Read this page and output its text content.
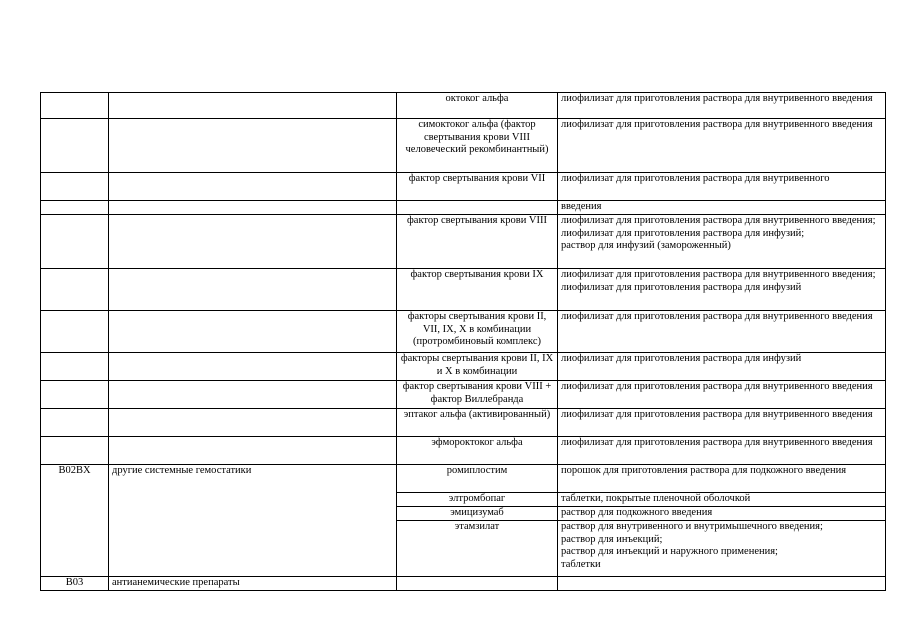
		октоког альфа	лиофилизат для приготовления раствора для внутривенного введения

		симоктоког альфа (фактор свертывания крови VIII человеческий рекомбинантный)	лиофилизат для приготовления раствора для внутривенного введения

		фактор свертывания крови VII	лиофилизат для приготовления раствора для внутривенного

			введения

		фактор свертывания крови VIII	лиофилизат для приготовления раствора для внутривенного введения;
лиофилизат для приготовления раствора для инфузий;
раствор для инфузий (замороженный)

		фактор свертывания крови IX	лиофилизат для приготовления раствора для внутривенного введения;
лиофилизат для приготовления раствора для инфузий

		факторы свертывания крови II, VII, IX, X в комбинации (протромбиновый комплекс)	лиофилизат для приготовления раствора для внутривенного введения

		факторы свертывания крови II, IX и X в комбинации	лиофилизат для приготовления раствора для инфузий

		фактор свертывания крови VIII + фактор Виллебранда	лиофилизат для приготовления раствора для внутривенного введения

		эптаког альфа (активированный)	лиофилизат для приготовления раствора для внутривенного введения

		эфмороктоког альфа	лиофилизат для приготовления раствора для внутривенного введения

B02BX	другие системные гемостатики	ромиплостим	порошок для приготовления раствора для подкожного введения

		элтромбопаг	таблетки, покрытые пленочной оболочкой

		эмицизумаб	раствор для подкожного введения

		этамзилат	раствор для внутривенного и внутримышечного введения;
раствор для инъекций;
раствор для инъекций и наружного применения;
таблетки

B03	антианемические препараты		
